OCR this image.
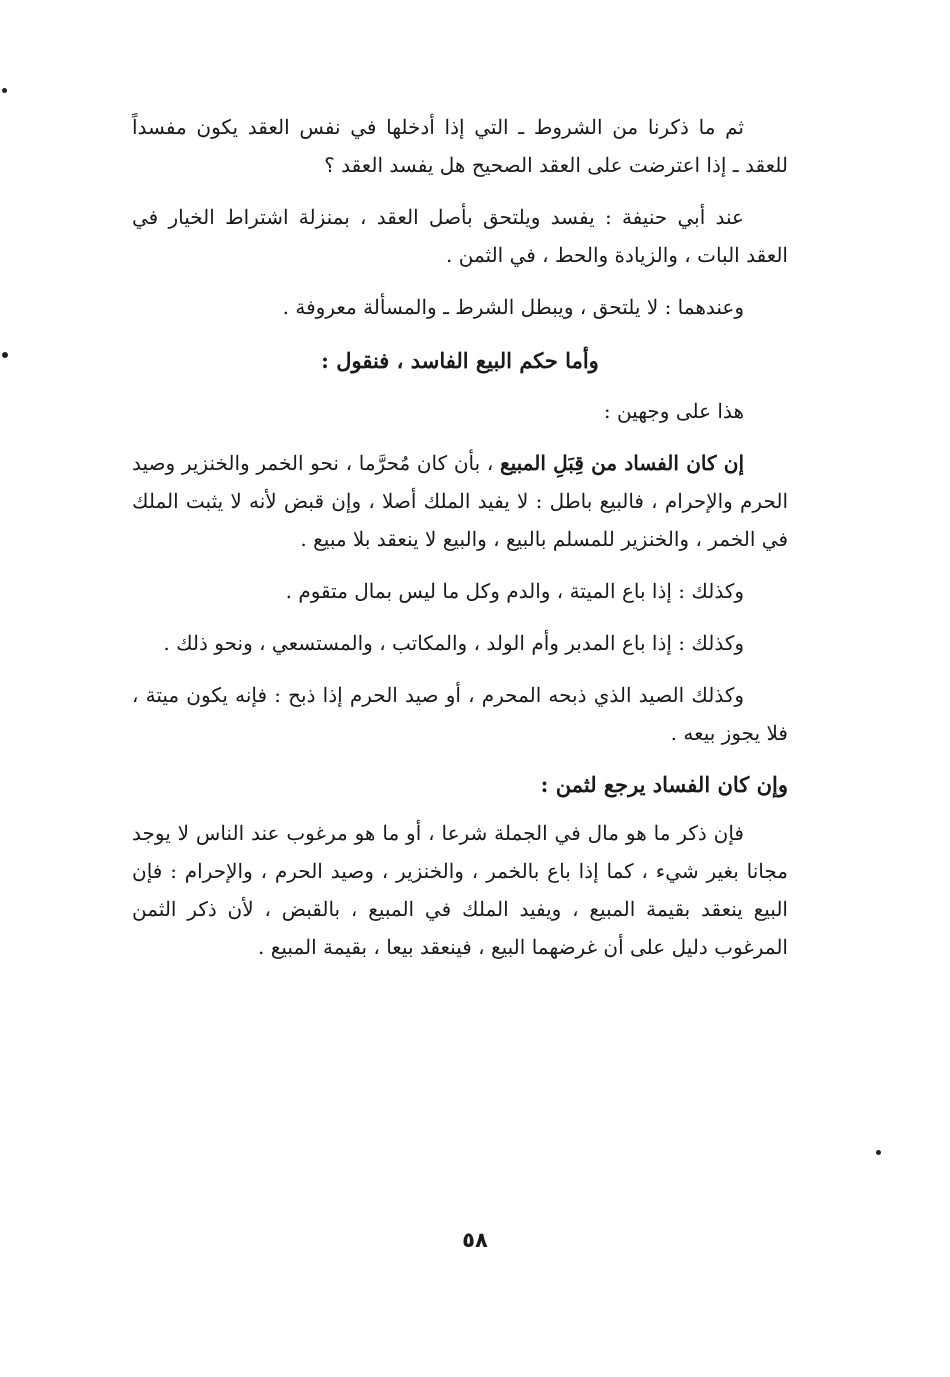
ثم ما ذكرنا من الشروط ـ التي إذا أدخلها في نفس العقد يكون مفسداً للعقد ـ إذا اعترضت على العقد الصحيح هل يفسد العقد ؟

عند أبي حنيفة : يفسد ويلتحق بأصل العقد ، بمنزلة اشتراط الخيار في العقد البات ، والزيادة والحط ، في الثمن .

وعندهما : لا يلتحق ، ويبطل الشرط ـ والمسألة معروفة .

وأما حكم البيع الفاسد ، فنقول :

هذا على وجهين :

إن كان الفساد من قِبَلِ المبيع ، بأن كان مُحرَّما ، نحو الخمر والخنزير وصيد الحرم والإحرام ، فالبيع باطل : لا يفيد الملك أصلا ، وإن قبض لأنه لا يثبت الملك في الخمر ، والخنزير للمسلم بالبيع ، والبيع لا ينعقد بلا مبيع .

وكذلك : إذا باع الميتة ، والدم وكل ما ليس بمال متقوم .

وكذلك : إذا باع المدبر وأم الولد ، والمكاتب ، والمستسعي ، ونحو ذلك .

وكذلك الصيد الذي ذبحه المحرم ، أو صيد الحرم إذا ذبح : فإنه يكون ميتة ، فلا يجوز بيعه .

وإن كان الفساد يرجع لثمن :

فإن ذكر ما هو مال في الجملة شرعا ، أو ما هو مرغوب عند الناس لا يوجد مجانا بغير شيء ، كما إذا باع بالخمر ، والخنزير ، وصيد الحرم ، والإحرام : فإن البيع ينعقد بقيمة المبيع ، ويفيد الملك في المبيع ، بالقبض ، لأن ذكر الثمن المرغوب دليل على أن غرضهما البيع ، فينعقد بيعا ، بقيمة المبيع .

٥٨
